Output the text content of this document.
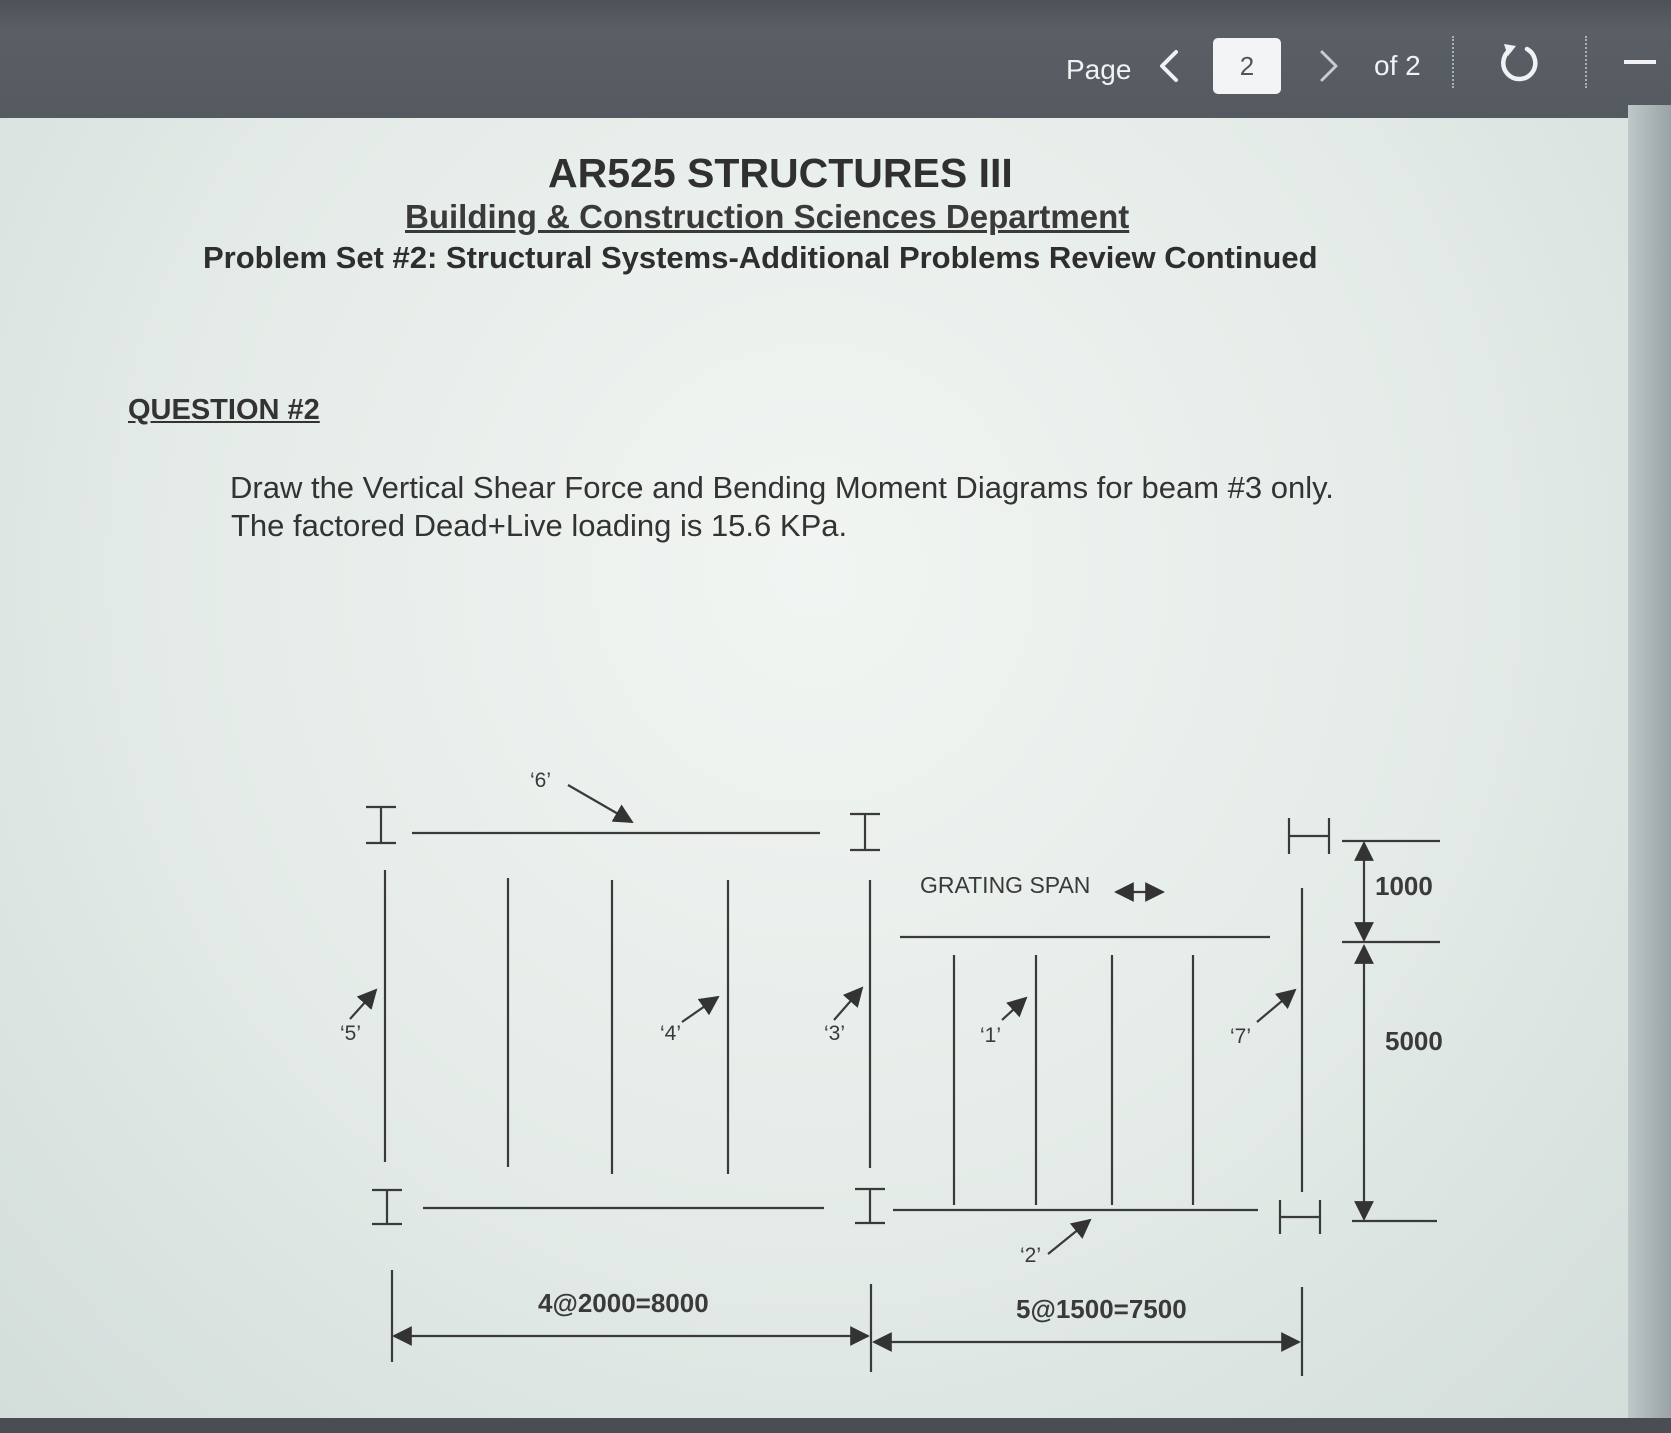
Page	2	of 2
AR525 STRUCTURES III
Building & Construction Sciences Department
Problem Set #2: Structural Systems-Additional Problems Review Continued
QUESTION #2
Draw the Vertical Shear Force and Bending Moment Diagrams for beam #3 only.
The factored Dead+Live loading is 15.6 KPa.
‘6’
‘5’	‘4’	‘3’	‘1’	‘7’
‘2’
GRATING SPAN	1000
5000
4@2000=8000	5@1500=7500
